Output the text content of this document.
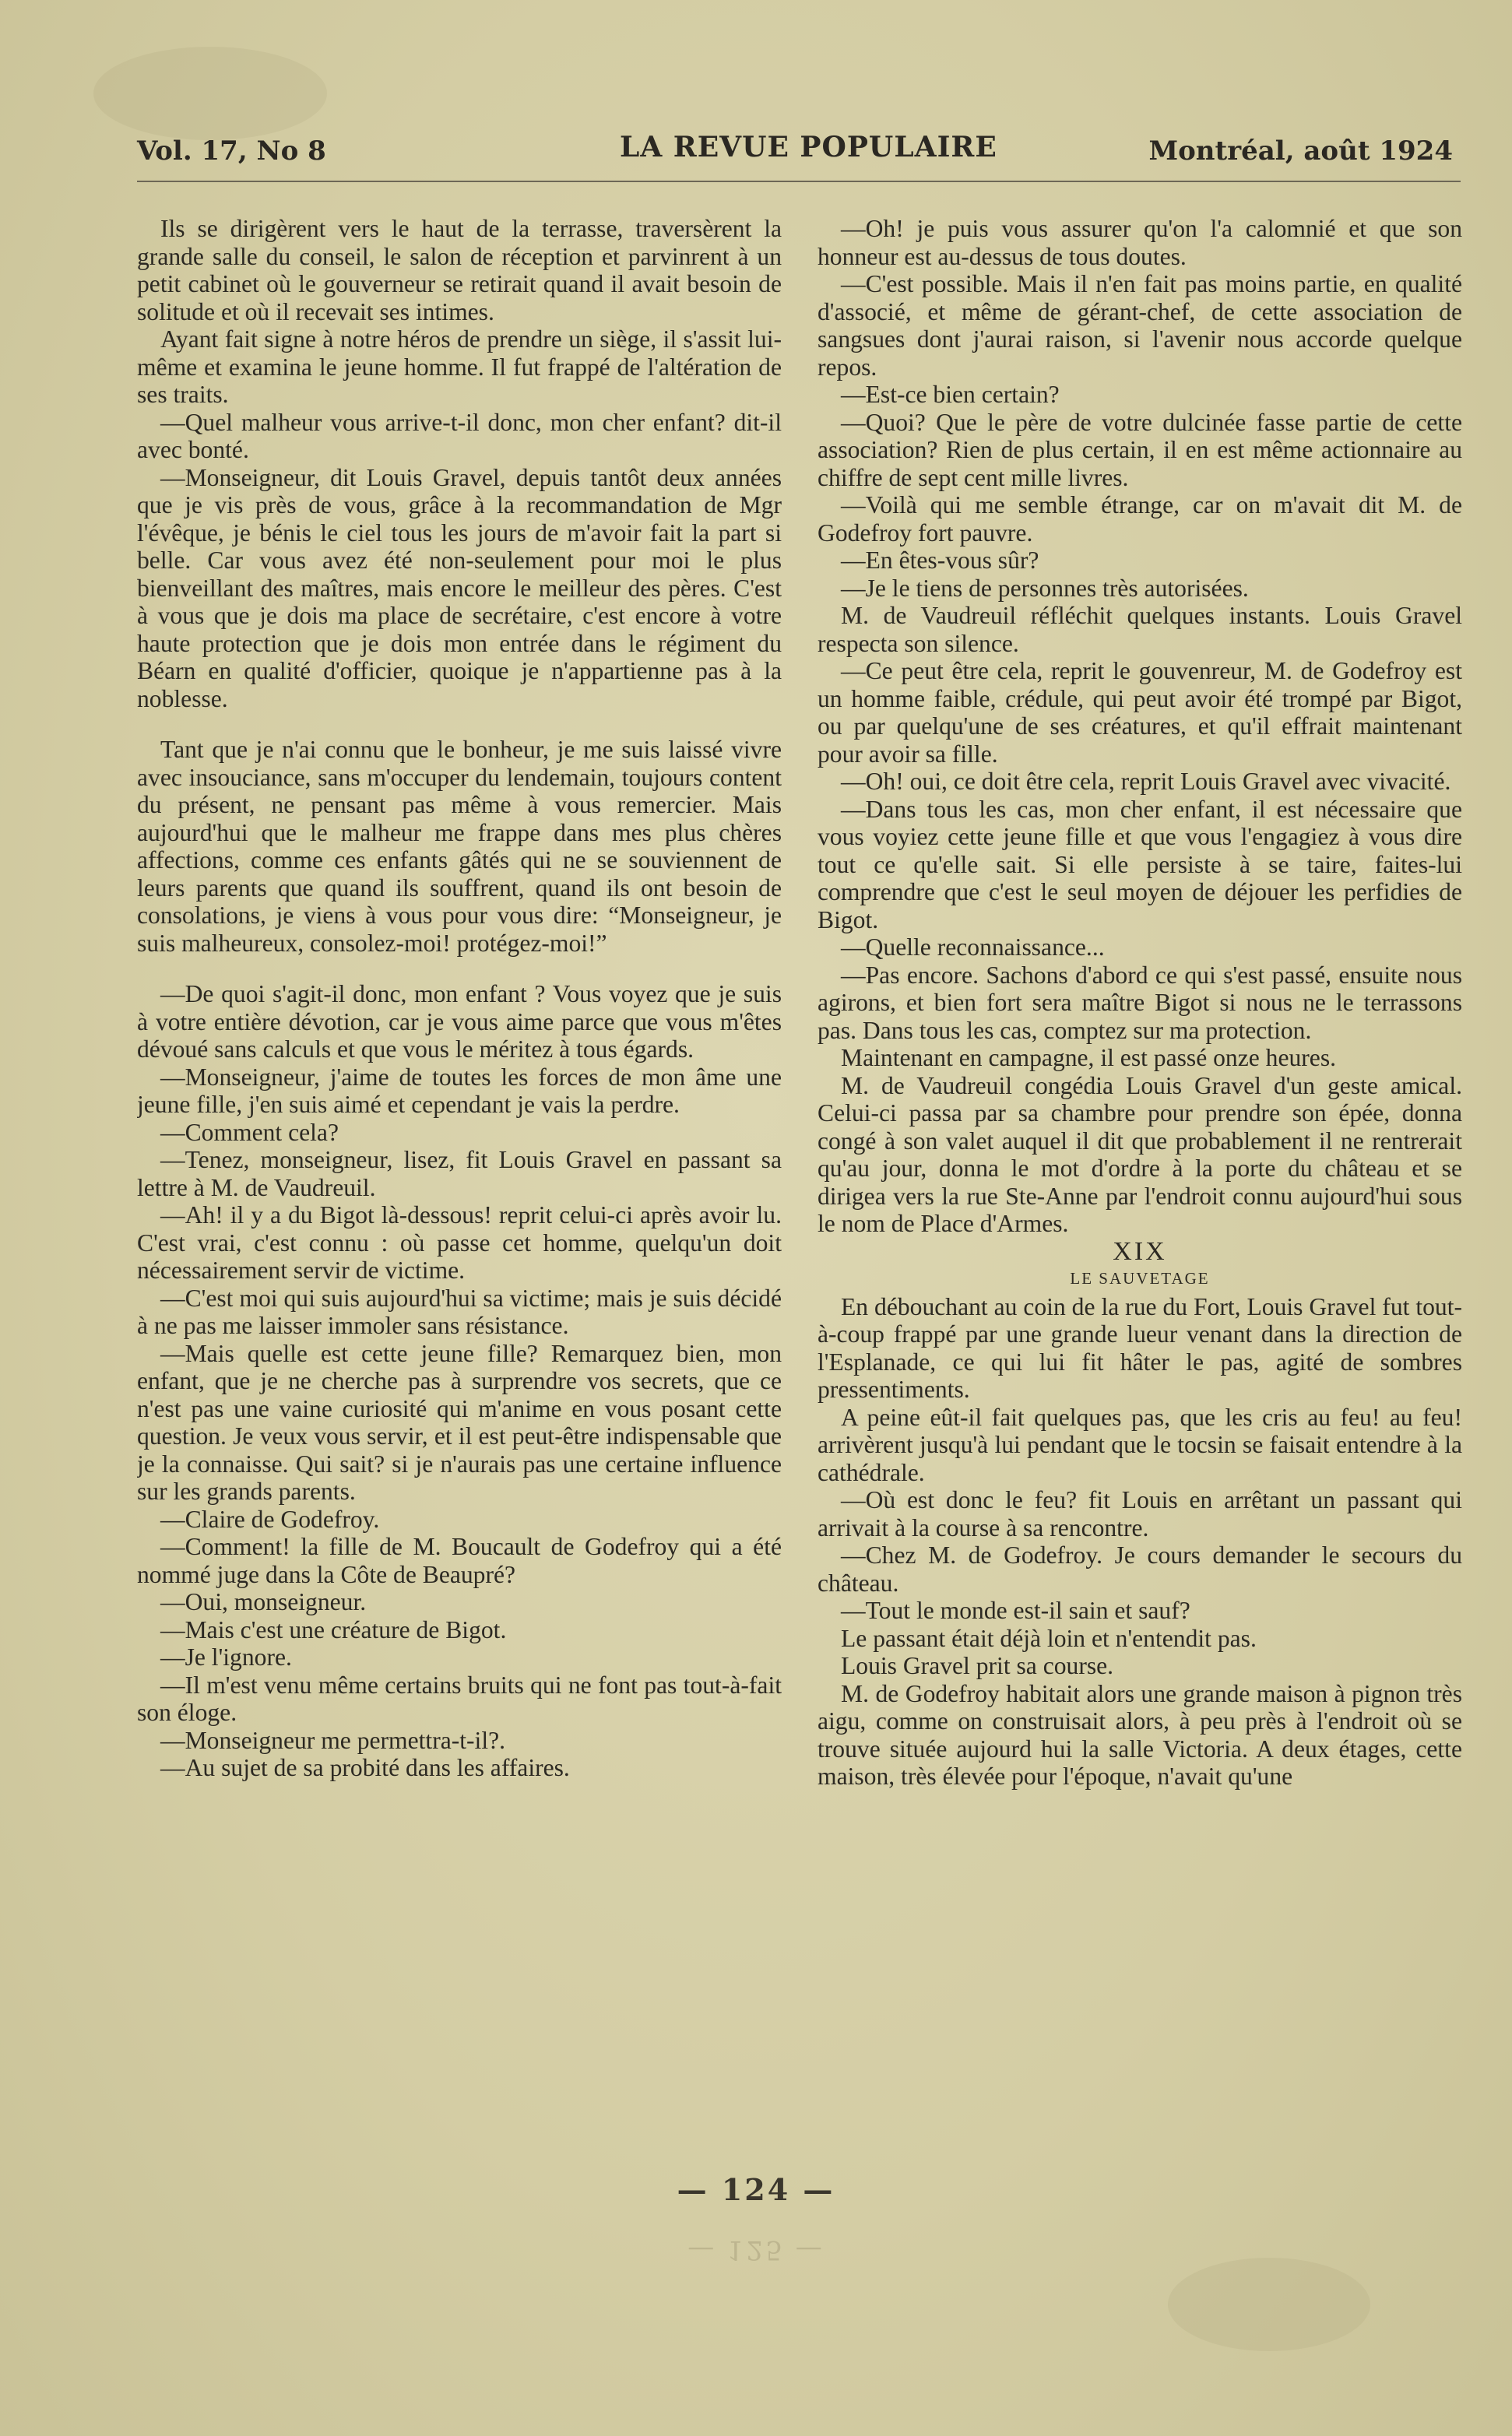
Vol. 17, No 8	LA REVUE POPULAIRE	Montréal, août 1924

Ils se dirigèrent vers le haut de la terrasse, traversèrent la grande salle du conseil, le salon de réception et parvinrent à un petit cabinet où le gouverneur se retirait quand il avait besoin de solitude et où il recevait ses intimes.

Ayant fait signe à notre héros de prendre un siège, il s'assit lui-même et examina le jeune homme. Il fut frappé de l'altération de ses traits.

—Quel malheur vous arrive-t-il donc, mon cher enfant? dit-il avec bonté.

—Monseigneur, dit Louis Gravel, depuis tantôt deux années que je vis près de vous, grâce à la recommandation de Mgr l'évêque, je bénis le ciel tous les jours de m'avoir fait la part si belle. Car vous avez été non-seulement pour moi le plus bienveillant des maîtres, mais encore le meilleur des pères. C'est à vous que je dois ma place de secrétaire, c'est encore à votre haute protection que je dois mon entrée dans le régiment du Béarn en qualité d'officier, quoique je n'appartienne pas à la noblesse.

Tant que je n'ai connu que le bonheur, je me suis laissé vivre avec insouciance, sans m'occuper du lendemain, toujours content du présent, ne pensant pas même à vous remercier. Mais aujourd'hui que le malheur me frappe dans mes plus chères affections, comme ces enfants gâtés qui ne se souviennent de leurs parents que quand ils souffrent, quand ils ont besoin de consolations, je viens à vous pour vous dire: “Monseigneur, je suis malheureux, consolez-moi! protégez-moi!”

—De quoi s'agit-il donc, mon enfant ? Vous voyez que je suis à votre entière dévotion, car je vous aime parce que vous m'êtes dévoué sans calculs et que vous le méritez à tous égards.

—Monseigneur, j'aime de toutes les forces de mon âme une jeune fille, j'en suis aimé et cependant je vais la perdre.

—Comment cela?

—Tenez, monseigneur, lisez, fit Louis Gravel en passant sa lettre à M. de Vaudreuil.

—Ah! il y a du Bigot là-dessous! reprit celui-ci après avoir lu. C'est vrai, c'est connu : où passe cet homme, quelqu'un doit nécessairement servir de victime.

—C'est moi qui suis aujourd'hui sa victime; mais je suis décidé à ne pas me laisser immoler sans résistance.

—Mais quelle est cette jeune fille? Remarquez bien, mon enfant, que je ne cherche pas à surprendre vos secrets, que ce n'est pas une vaine curiosité qui m'anime en vous posant cette question. Je veux vous servir, et il est peut-être indispensable que je la connaisse. Qui sait? si je n'aurais pas une certaine influence sur les grands parents.

—Claire de Godefroy.

—Comment! la fille de M. Boucault de Godefroy qui a été nommé juge dans la Côte de Beaupré?

—Oui, monseigneur.

—Mais c'est une créature de Bigot.

—Je l'ignore.

—Il m'est venu même certains bruits qui ne font pas tout-à-fait son éloge.

—Monseigneur me permettra-t-il?.

—Au sujet de sa probité dans les affaires.

—Oh! je puis vous assurer qu'on l'a calomnié et que son honneur est au-dessus de tous doutes.

—C'est possible. Mais il n'en fait pas moins partie, en qualité d'associé, et même de gérant-chef, de cette association de sangsues dont j'aurai raison, si l'avenir nous accorde quelque repos.

—Est-ce bien certain?

—Quoi? Que le père de votre dulcinée fasse partie de cette association? Rien de plus certain, il en est même actionnaire au chiffre de sept cent mille livres.

—Voilà qui me semble étrange, car on m'avait dit M. de Godefroy fort pauvre.

—En êtes-vous sûr?

—Je le tiens de personnes très autorisées.

M. de Vaudreuil réfléchit quelques instants. Louis Gravel respecta son silence.

—Ce peut être cela, reprit le gouvenreur, M. de Godefroy est un homme faible, crédule, qui peut avoir été trompé par Bigot, ou par quelqu'une de ses créatures, et qu'il effrait maintenant pour avoir sa fille.

—Oh! oui, ce doit être cela, reprit Louis Gravel avec vivacité.

—Dans tous les cas, mon cher enfant, il est nécessaire que vous voyiez cette jeune fille et que vous l'engagiez à vous dire tout ce qu'elle sait. Si elle persiste à se taire, faites-lui comprendre que c'est le seul moyen de déjouer les perfidies de Bigot.

—Quelle reconnaissance...

—Pas encore. Sachons d'abord ce qui s'est passé, ensuite nous agirons, et bien fort sera maître Bigot si nous ne le terrassons pas. Dans tous les cas, comptez sur ma protection.

Maintenant en campagne, il est passé onze heures.

M. de Vaudreuil congédia Louis Gravel d'un geste amical. Celui-ci passa par sa chambre pour prendre son épée, donna congé à son valet auquel il dit que probablement il ne rentrerait qu'au jour, donna le mot d'ordre à la porte du château et se dirigea vers la rue Ste-Anne par l'endroit connu aujourd'hui sous le nom de Place d'Armes.

XIX

LE SAUVETAGE

En débouchant au coin de la rue du Fort, Louis Gravel fut tout-à-coup frappé par une grande lueur venant dans la direction de l'Esplanade, ce qui lui fit hâter le pas, agité de sombres pressentiments.

A peine eût-il fait quelques pas, que les cris au feu! au feu! arrivèrent jusqu'à lui pendant que le tocsin se faisait entendre à la cathédrale.

—Où est donc le feu? fit Louis en arrêtant un passant qui arrivait à la course à sa rencontre.

—Chez M. de Godefroy. Je cours demander le secours du château.

—Tout le monde est-il sain et sauf?

Le passant était déjà loin et n'entendit pas.

Louis Gravel prit sa course.

M. de Godefroy habitait alors une grande maison à pignon très aigu, comme on construisait alors, à peu près à l'endroit où se trouve située aujourd hui la salle Victoria. A deux étages, cette maison, très élevée pour l'époque, n'avait qu'une

— 124 —
— 125 —
